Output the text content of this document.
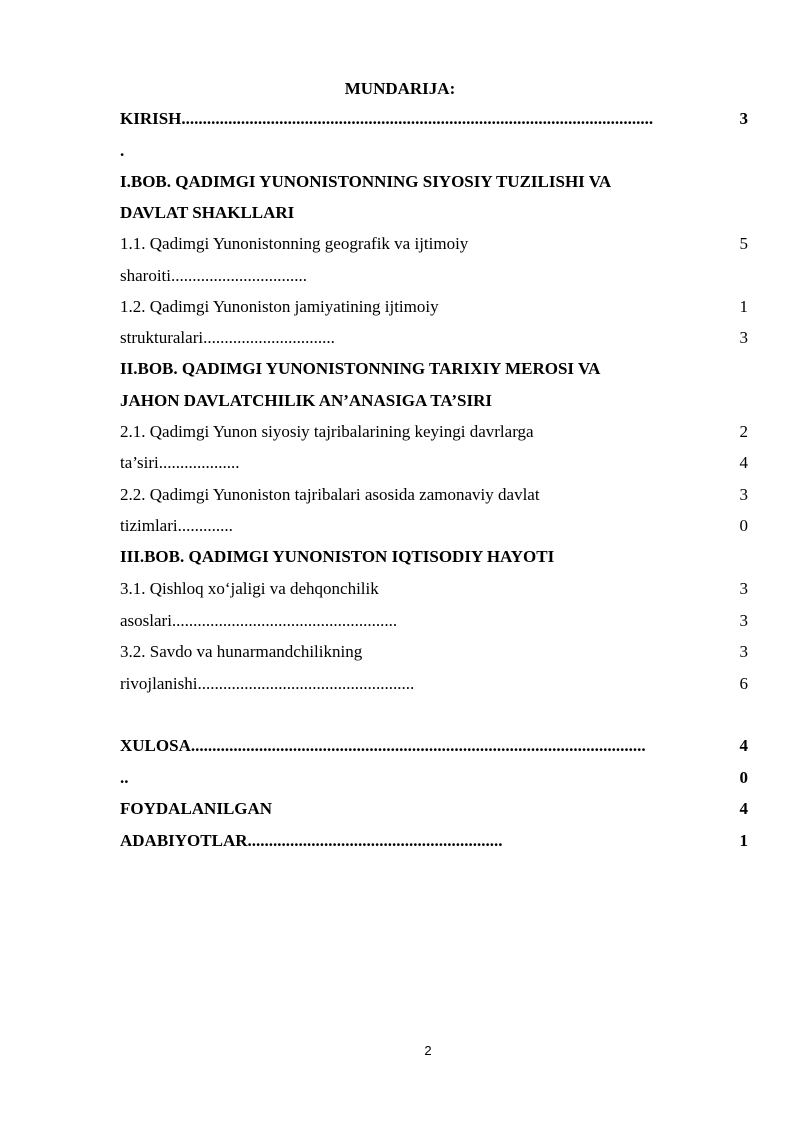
MUNDARIJA:
KIRISH...............................................................................................................	3
.
I.BOB. QADIMGI YUNONISTONNING SIYOSIY TUZILISHI VA
DAVLAT SHAKLLARI
1.1. Qadimgi Yunonistonning geografik va ijtimoiy	5
sharoiti................................
1.2. Qadimgi Yunoniston jamiyatining ijtimoiy	1
strukturalari...............................	3
II.BOB. QADIMGI YUNONISTONNING TARIXIY MEROSI VA
JAHON DAVLATCHILIK AN’ANASIGA TA’SIRI
2.1. Qadimgi Yunon siyosiy tajribalarining keyingi davrlarga	2
ta’siri...................	4
2.2. Qadimgi Yunoniston tajribalari asosida zamonaviy davlat	3
tizimlari.............	0
III.BOB. QADIMGI YUNONISTON IQTISODIY HAYOTI
3.1. Qishloq xo‘jaligi va dehqonchilik	3
asoslari.....................................................	3
3.2. Savdo va hunarmandchilikning	3
rivojlanishi...................................................	6
XULOSA...........................................................................................................	4
..	0
FOYDALANILGAN	4
ADABIYOTLAR............................................................	1
2
